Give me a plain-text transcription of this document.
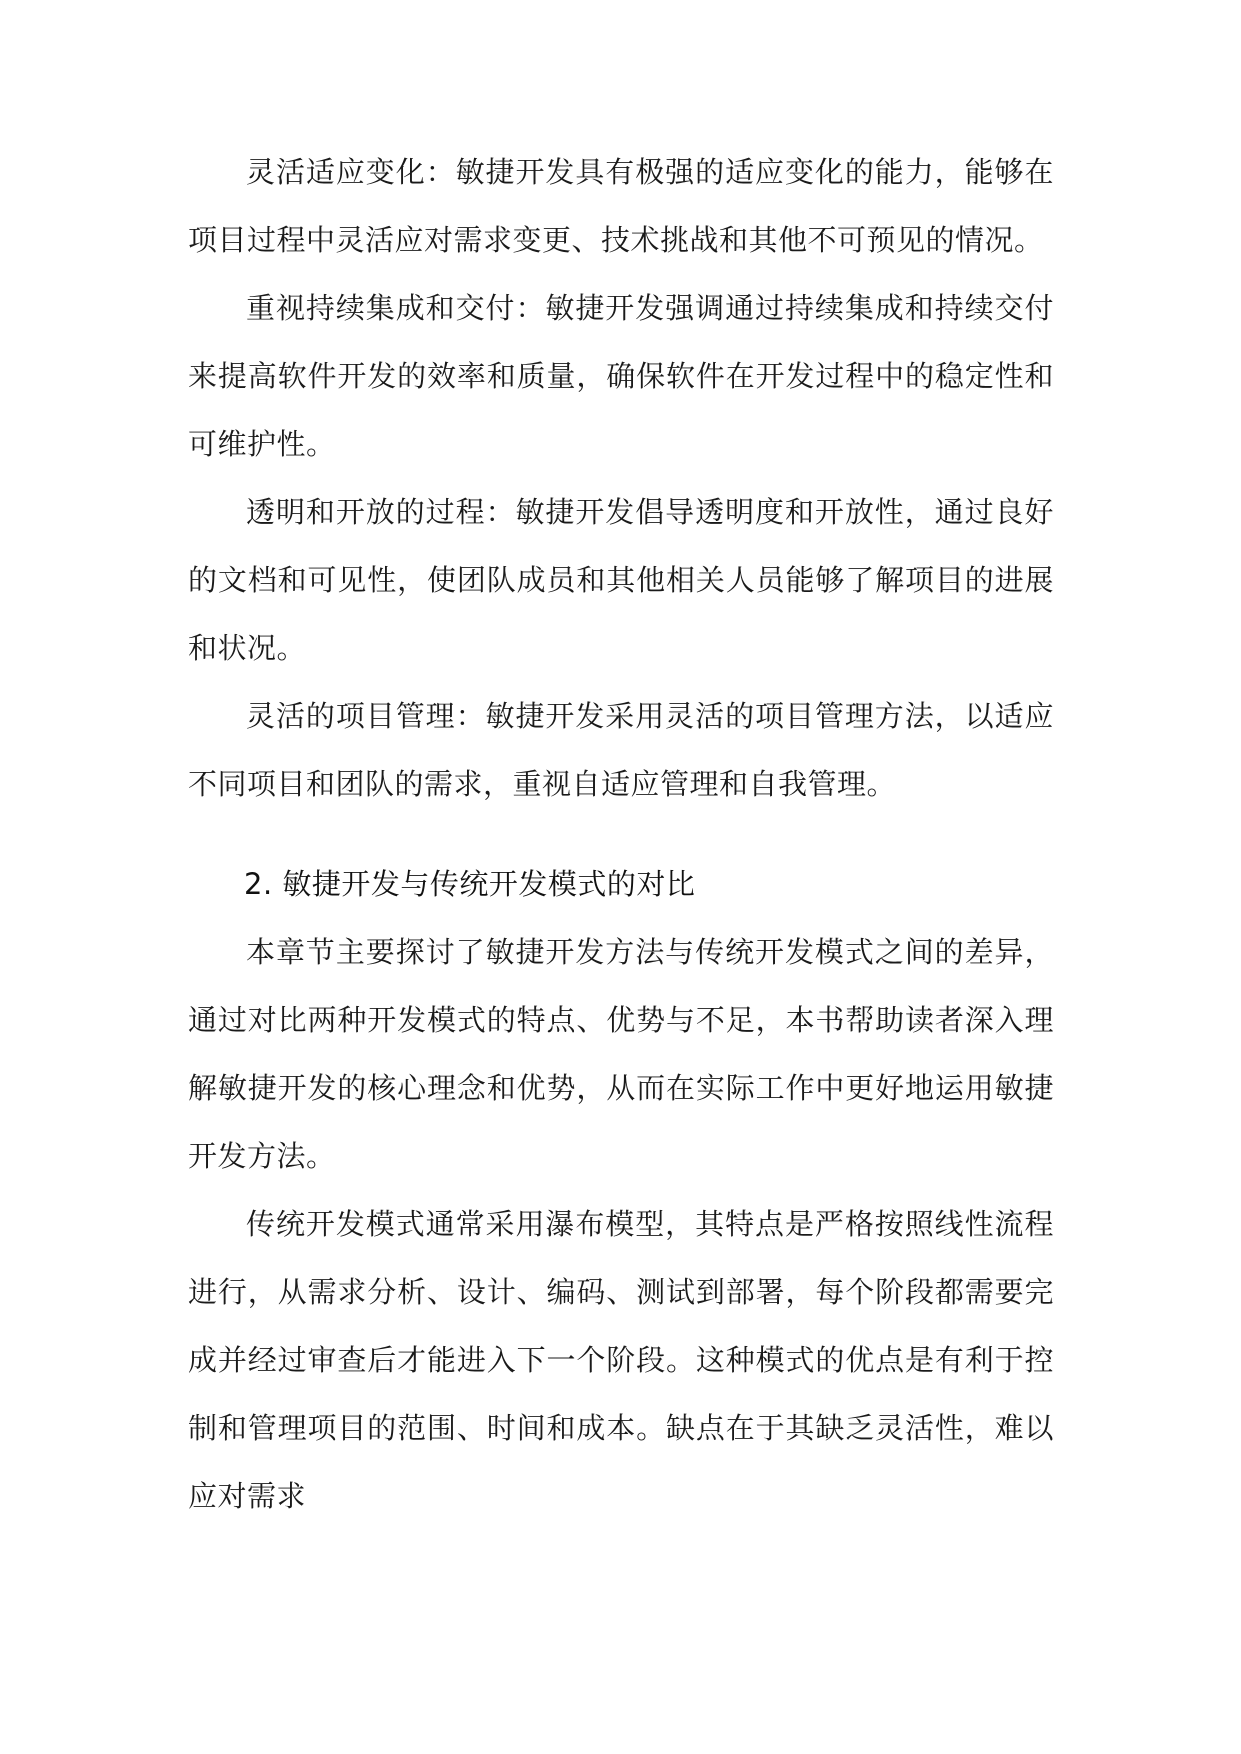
灵活适应变化：敏捷开发具有极强的适应变化的能力，能够在项目过程中灵活应对需求变更、技术挑战和其他不可预见的情况。

重视持续集成和交付：敏捷开发强调通过持续集成和持续交付来提高软件开发的效率和质量，确保软件在开发过程中的稳定性和可维护性。

透明和开放的过程：敏捷开发倡导透明度和开放性，通过良好的文档和可见性，使团队成员和其他相关人员能够了解项目的进展和状况。

灵活的项目管理：敏捷开发采用灵活的项目管理方法，以适应不同项目和团队的需求，重视自适应管理和自我管理。

2. 敏捷开发与传统开发模式的对比

本章节主要探讨了敏捷开发方法与传统开发模式之间的差异，通过对比两种开发模式的特点、优势与不足，本书帮助读者深入理解敏捷开发的核心理念和优势，从而在实际工作中更好地运用敏捷开发方法。

传统开发模式通常采用瀑布模型，其特点是严格按照线性流程进行，从需求分析、设计、编码、测试到部署，每个阶段都需要完成并经过审查后才能进入下一个阶段。这种模式的优点是有利于控制和管理项目的范围、时间和成本。缺点在于其缺乏灵活性，难以应对需求
